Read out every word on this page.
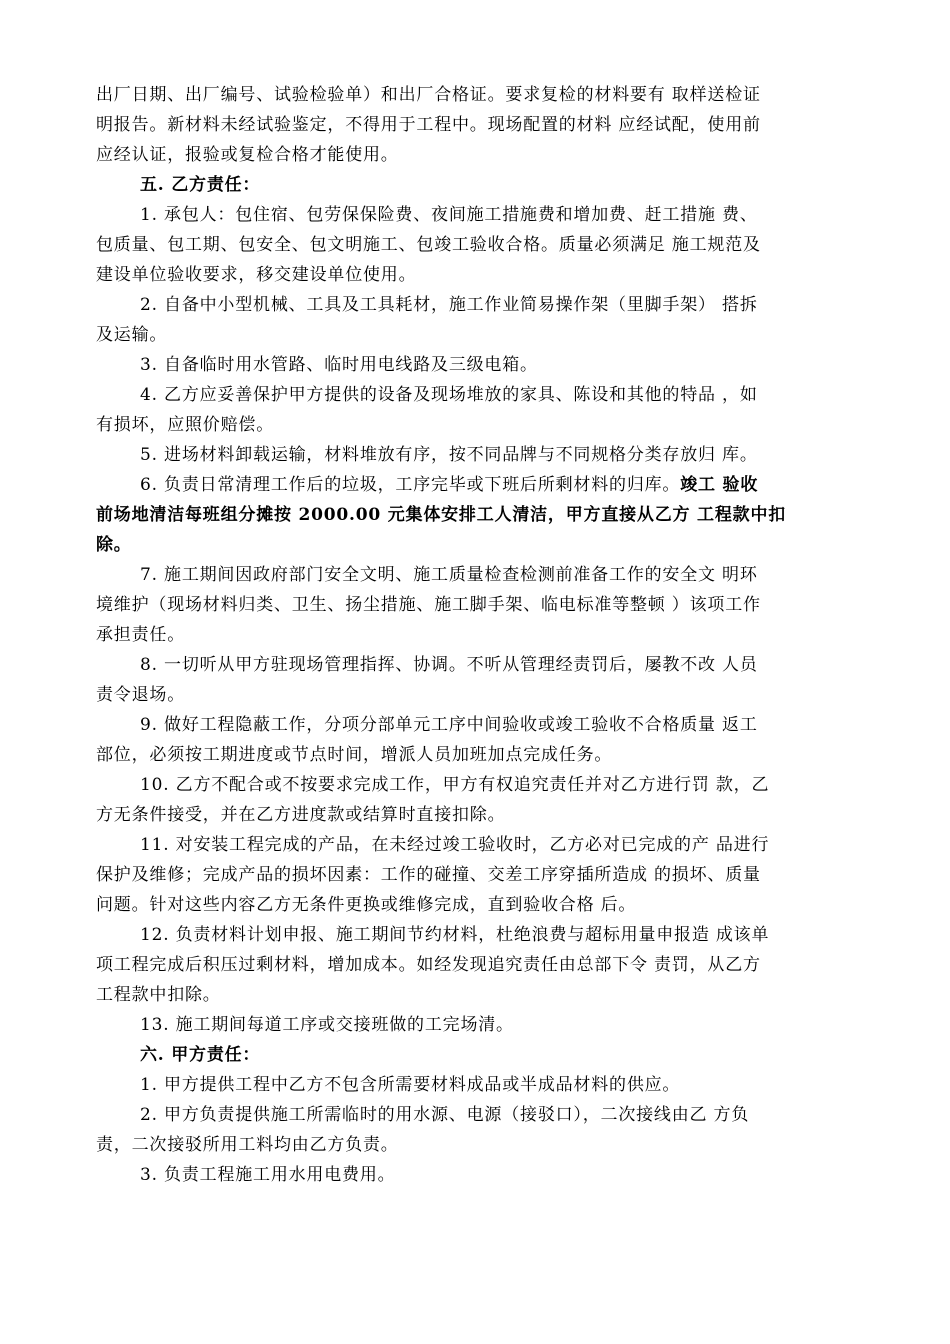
出厂日期、出厂编号、试验检验单）和出厂合格证。要求复检的材料要有 取样送检证
明报告。新材料未经试验鉴定，不得用于工程中。现场配置的材料 应经试配，使用前
应经认证，报验或复检合格才能使用。
五. 乙方责任：
1. 承包人：包住宿、包劳保保险费、夜间施工措施费和增加费、赶工措施 费、
包质量、包工期、包安全、包文明施工、包竣工验收合格。质量必须满足 施工规范及
建设单位验收要求，移交建设单位使用。
2. 自备中小型机械、工具及工具耗材，施工作业简易操作架（里脚手架） 搭拆
及运输。
3. 自备临时用水管路、临时用电线路及三级电箱。
4. 乙方应妥善保护甲方提供的设备及现场堆放的家具、陈设和其他的特品 ，如
有损坏，应照价赔偿。
5. 进场材料卸载运输，材料堆放有序，按不同品牌与不同规格分类存放归 库。
6. 负责日常清理工作后的垃圾，工序完毕或下班后所剩材料的归库。竣工 验收
前场地清洁每班组分摊按 2000.00 元集体安排工人清洁，甲方直接从乙方 工程款中扣
除。
7. 施工期间因政府部门安全文明、施工质量检查检测前准备工作的安全文 明环
境维护（现场材料归类、卫生、扬尘措施、施工脚手架、临电标准等整顿 ）该项工作
承担责任。
8. 一切听从甲方驻现场管理指挥、协调。不听从管理经责罚后，屡教不改 人员
责令退场。
9. 做好工程隐蔽工作，分项分部单元工序中间验收或竣工验收不合格质量 返工
部位，必须按工期进度或节点时间，增派人员加班加点完成任务。
10. 乙方不配合或不按要求完成工作，甲方有权追究责任并对乙方进行罚 款，乙
方无条件接受，并在乙方进度款或结算时直接扣除。
11. 对安装工程完成的产品，在未经过竣工验收时，乙方必对已完成的产 品进行
保护及维修；完成产品的损坏因素：工作的碰撞、交差工序穿插所造成 的损坏、质量
问题。针对这些内容乙方无条件更换或维修完成，直到验收合格 后。
12. 负责材料计划申报、施工期间节约材料，杜绝浪费与超标用量申报造 成该单
项工程完成后积压过剩材料，增加成本。如经发现追究责任由总部下令 责罚，从乙方
工程款中扣除。
13. 施工期间每道工序或交接班做的工完场清。
六. 甲方责任：
1. 甲方提供工程中乙方不包含所需要材料成品或半成品材料的供应。
2. 甲方负责提供施工所需临时的用水源、电源（接驳口），二次接线由乙 方负
责，二次接驳所用工料均由乙方负责。
3. 负责工程施工用水用电费用。
